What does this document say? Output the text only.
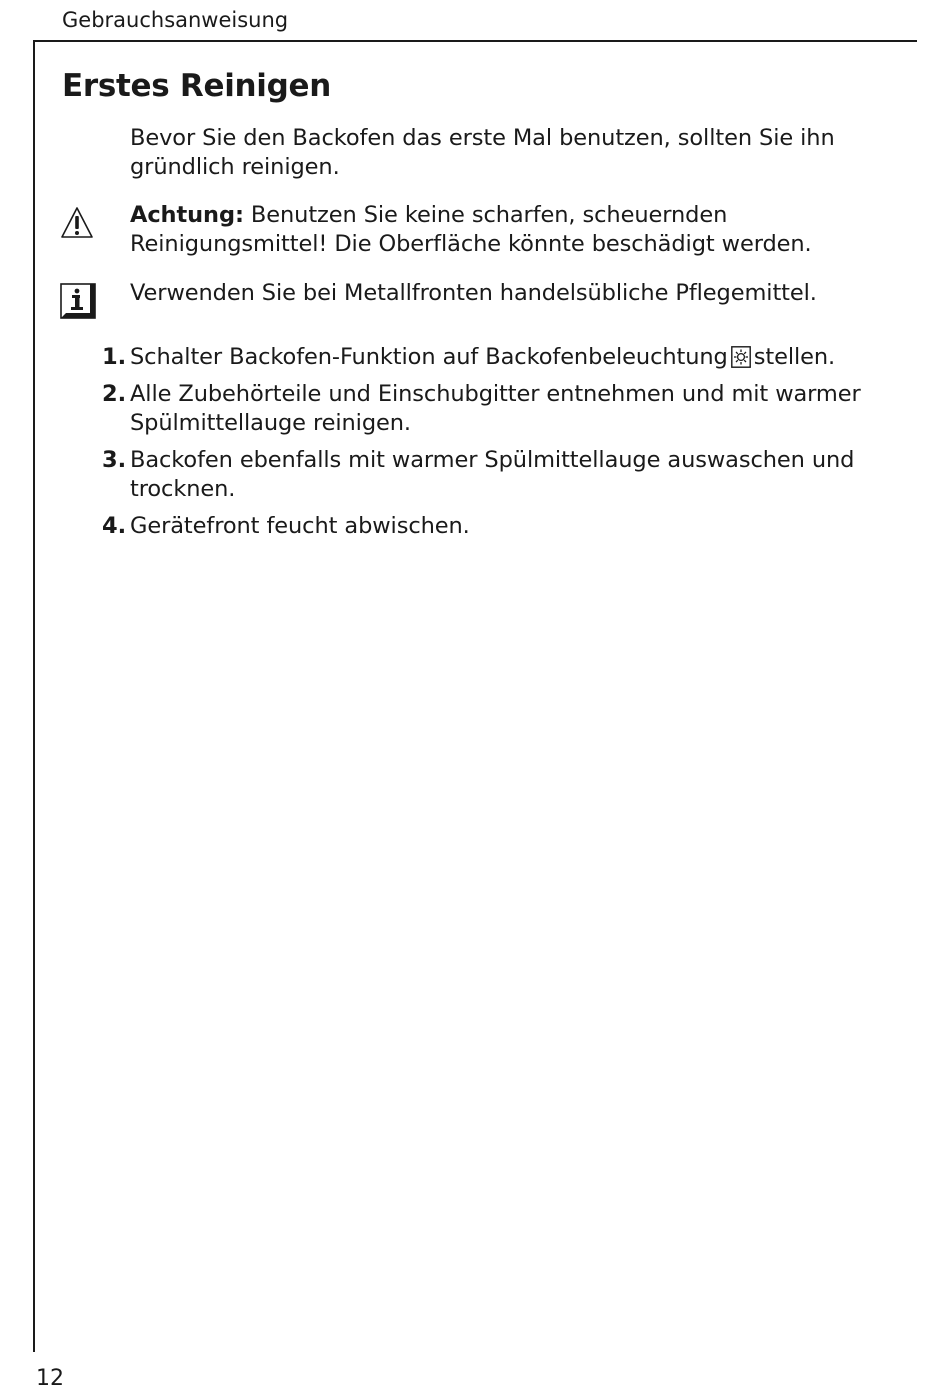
Gebrauchsanweisung
Erstes Reinigen

Bevor Sie den Backofen das erste Mal benutzen, sollten Sie ihn gründlich reinigen.

Achtung: Benutzen Sie keine scharfen, scheuernden Reinigungsmittel! Die Oberfläche könnte beschädigt werden.

Verwenden Sie bei Metallfronten handelsübliche Pflegemittel.

1. Schalter Backofen-Funktion auf Backofenbeleuchtung stellen.
2. Alle Zubehörteile und Einschubgitter entnehmen und mit warmer Spülmittellauge reinigen.
3. Backofen ebenfalls mit warmer Spülmittellauge auswaschen und trocknen.
4. Gerätefront feucht abwischen.
12
